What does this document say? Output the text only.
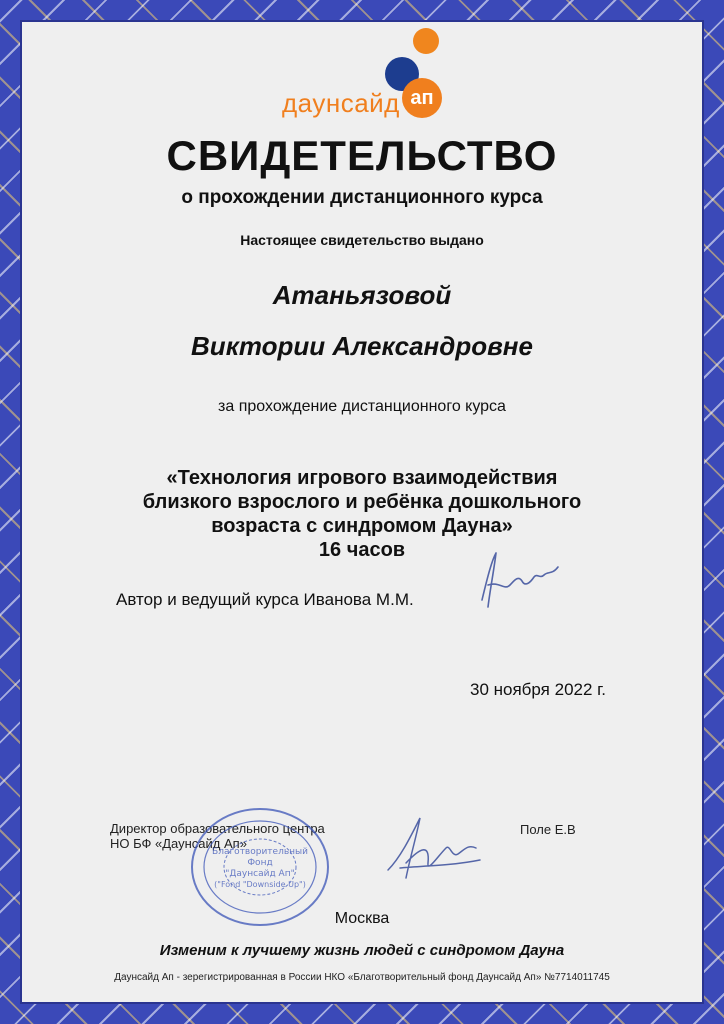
даунсайд ап
СВИДЕТЕЛЬСТВО
о прохождении дистанционного курса
Настоящее свидетельство выдано
Атаньязовой
Виктории Александровне
за прохождение дистанционного курса
«Технология игрового взаимодействия
близкого взрослого и ребёнка дошкольного
возраста с синдромом Дауна»
16 часов
Автор и ведущий курса Иванова М.М.
30 ноября 2022 г.
Директор образовательного центра
НО БФ «Даунсайд Ап»
Поле Е.В
Благотворительный
Фонд
"Даунсайд Ап"
("Fond "Downside Up")
Москва
Изменим к лучшему жизнь людей с синдромом Дауна
Даунсайд Ап - зерегистрированная в России НКО «Благотворительный фонд Даунсайд Ап» №7714011745
